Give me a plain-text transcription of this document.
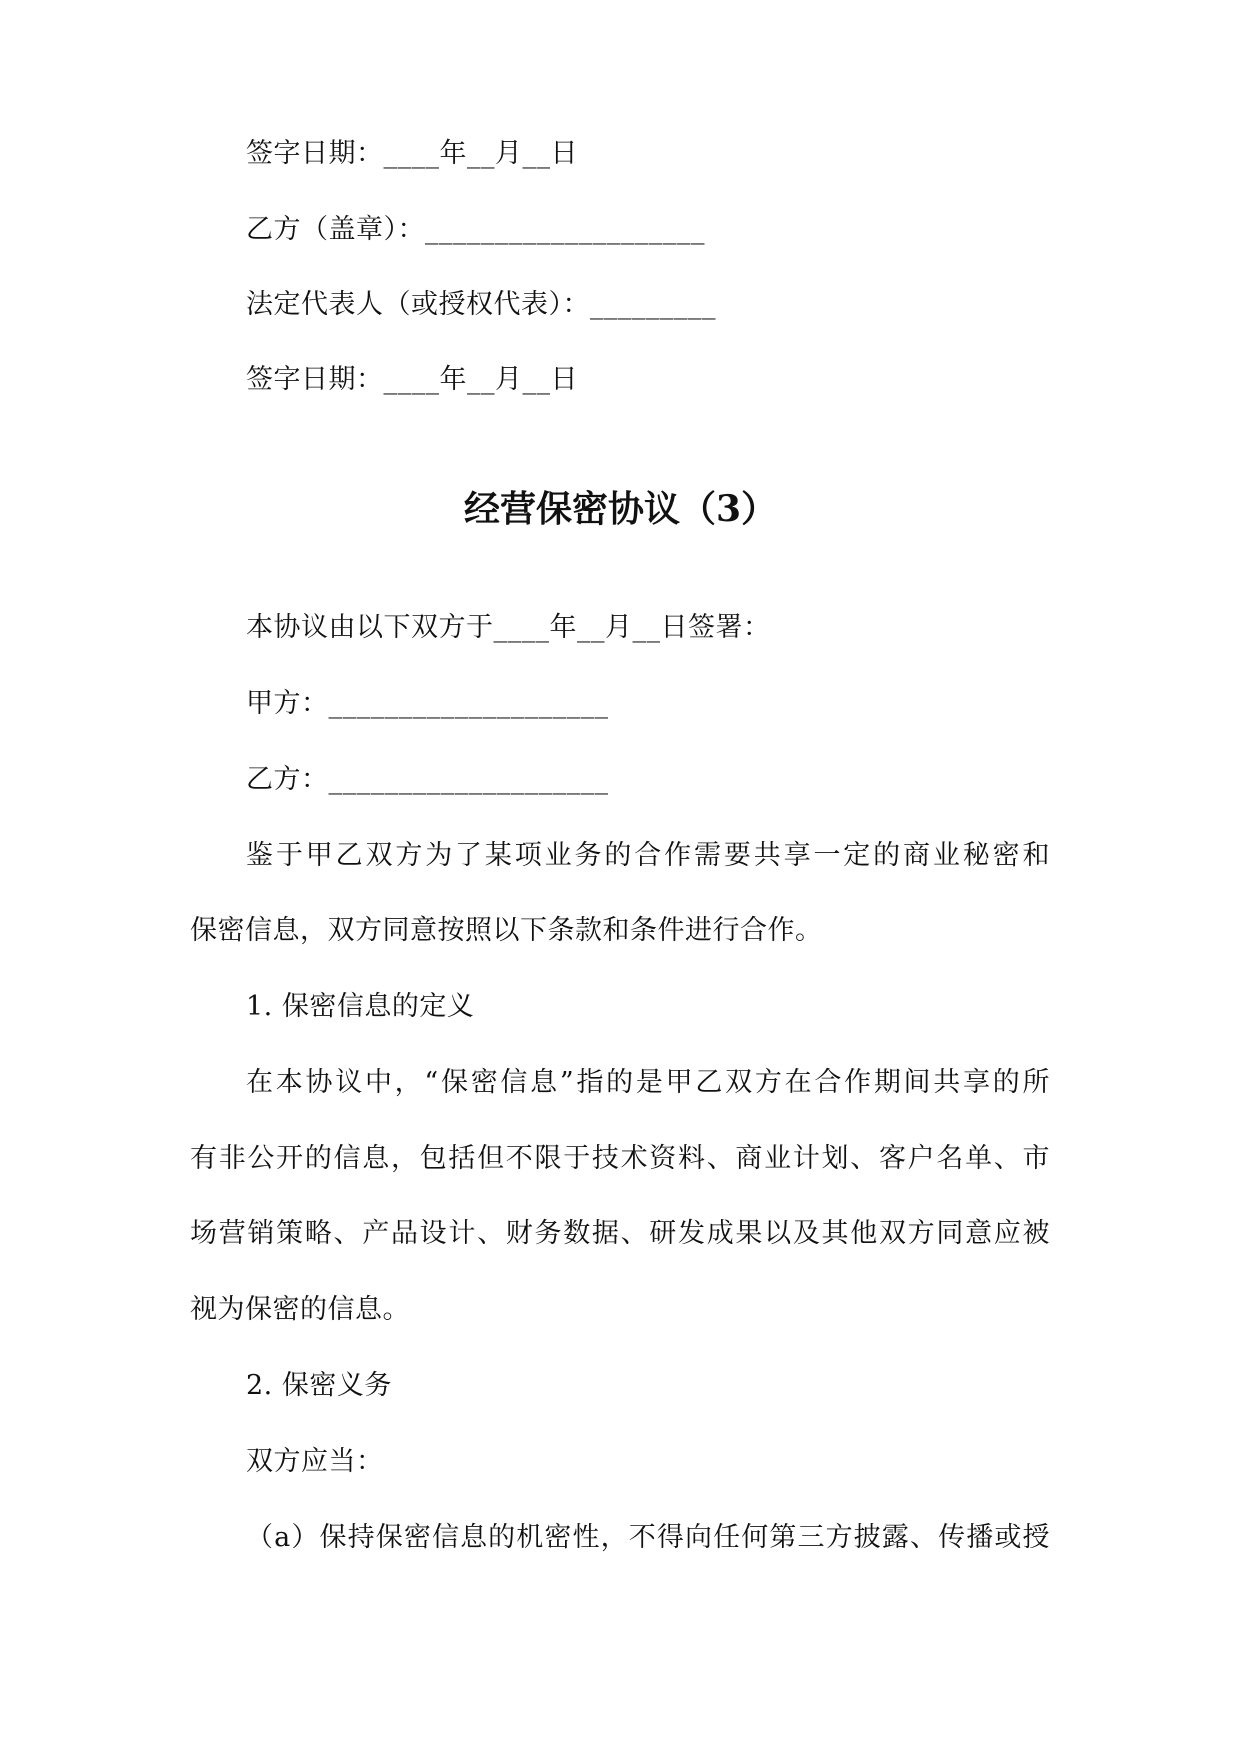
签字日期：____年__月__日
乙方（盖章）：____________________
法定代表人（或授权代表）：_________
签字日期：____年__月__日
经营保密协议（3）
本协议由以下双方于____年__月__日签署：
甲方：____________________
乙方：____________________
鉴于甲乙双方为了某项业务的合作需要共享一定的商业秘密和
保密信息，双方同意按照以下条款和条件进行合作。
1. 保密信息的定义
在本协议中，“保密信息”指的是甲乙双方在合作期间共享的所
有非公开的信息，包括但不限于技术资料、商业计划、客户名单、市
场营销策略、产品设计、财务数据、研发成果以及其他双方同意应被
视为保密的信息。
2. 保密义务
双方应当：
（a）保持保密信息的机密性，不得向任何第三方披露、传播或授
